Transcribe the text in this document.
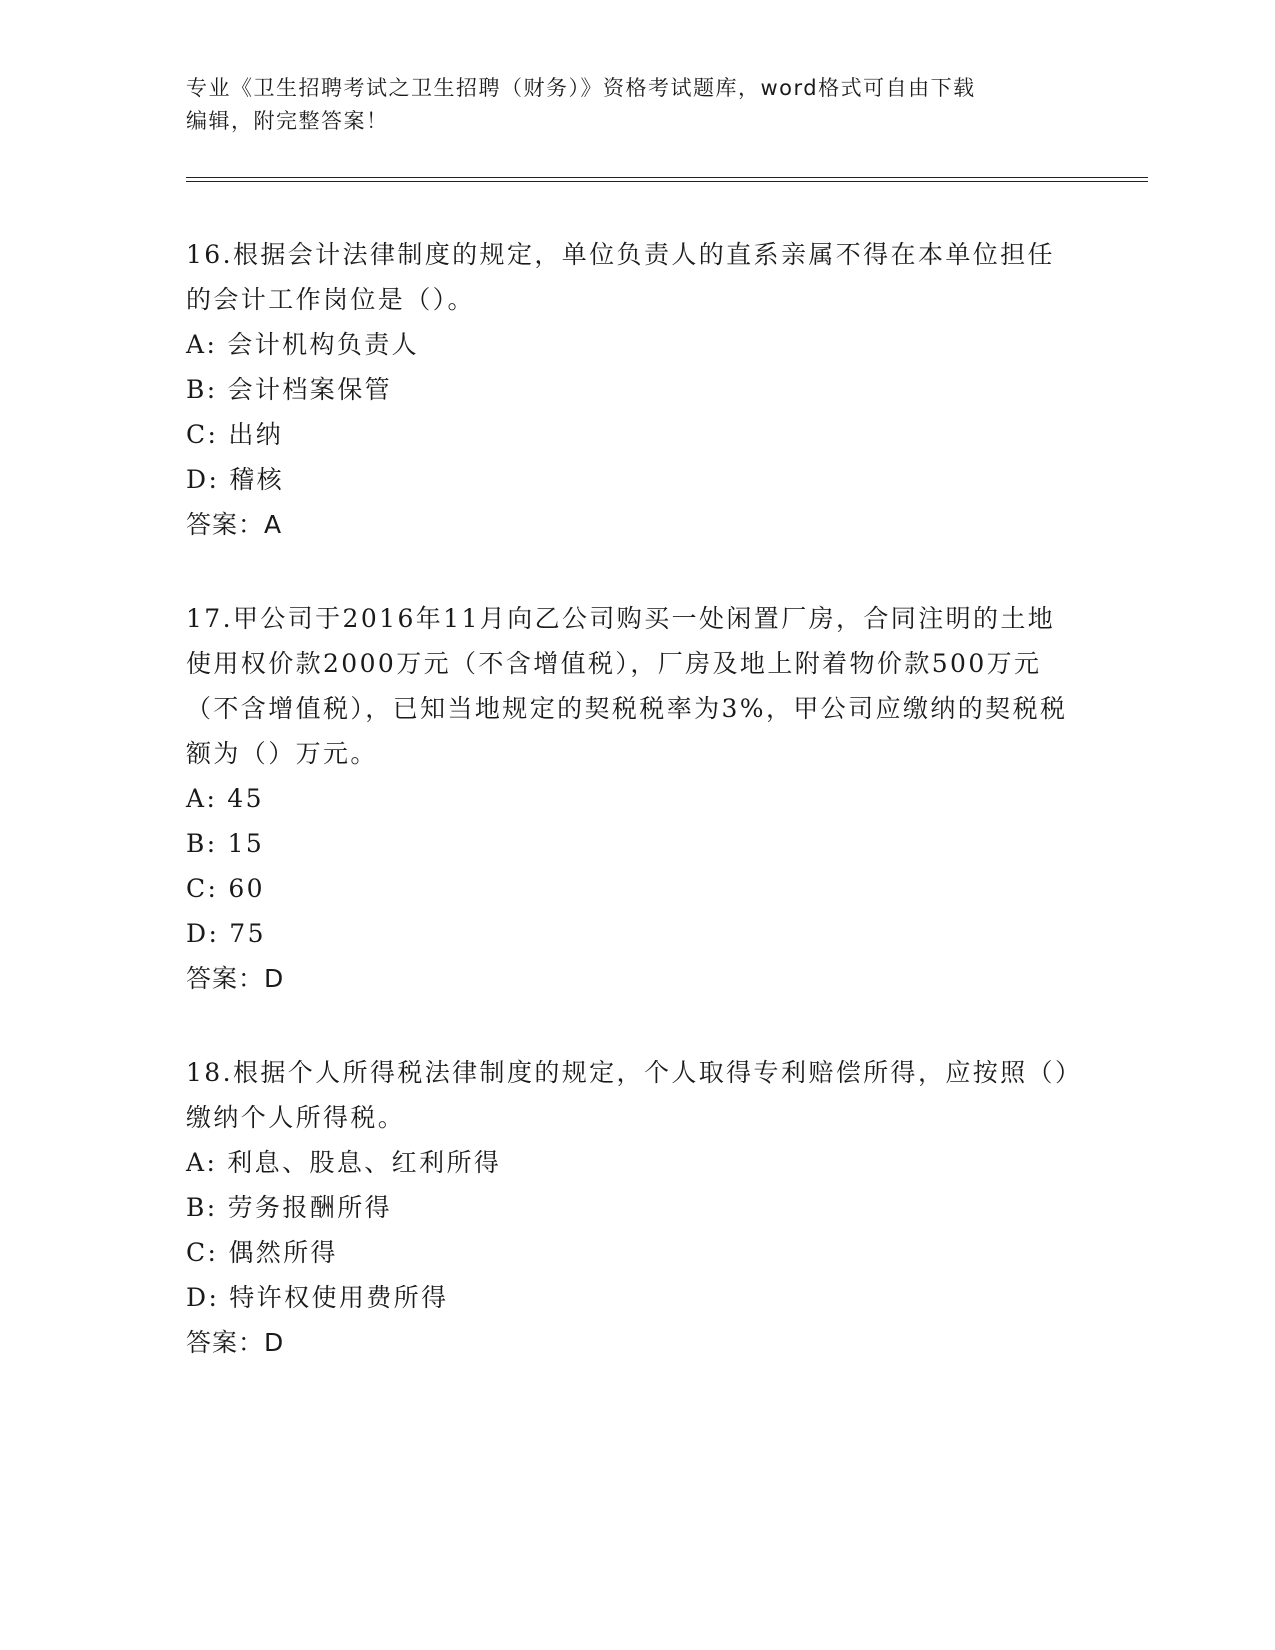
专业《卫生招聘考试之卫生招聘（财务）》资格考试题库，word格式可自由下载
编辑，附完整答案！

16.根据会计法律制度的规定，单位负责人的直系亲属不得在本单位担任的会计工作岗位是（）。

A: 会计机构负责人

B: 会计档案保管

C: 出纳

D: 稽核

答案：A

17.甲公司于2016年11月向乙公司购买一处闲置厂房，合同注明的土地使用权价款2000万元（不含增值税），厂房及地上附着物价款500万元（不含增值税），已知当地规定的契税税率为3%，甲公司应缴纳的契税税额为（）万元。

A: 45

B: 15

C: 60

D: 75

答案：D

18.根据个人所得税法律制度的规定，个人取得专利赔偿所得，应按照（）缴纳个人所得税。

A: 利息、股息、红利所得

B: 劳务报酬所得

C: 偶然所得

D: 特许权使用费所得

答案：D
